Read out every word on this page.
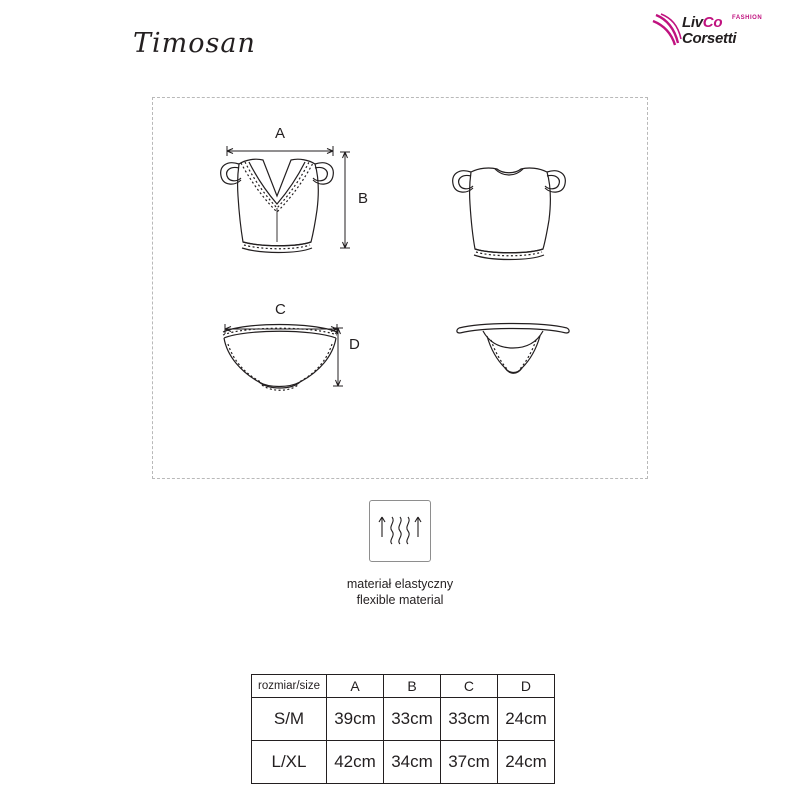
Timosan
LivCo FASHION
Corsetti
A
B
C
D
materiał elastyczny
flexible material
rozmiar/size	A	B	C	D
S/M	39cm	33cm	33cm	24cm
L/XL	42cm	34cm	37cm	24cm
